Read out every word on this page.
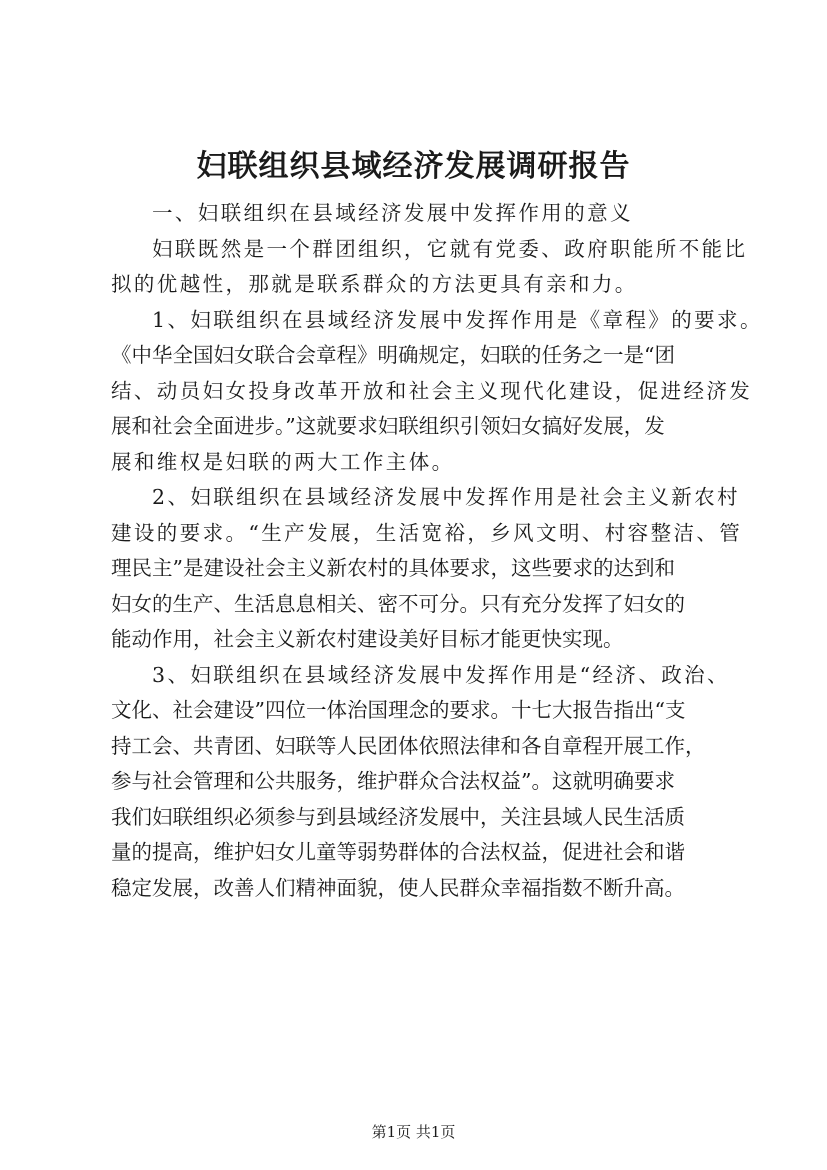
妇联组织县域经济发展调研报告
一、妇联组织在县域经济发展中发挥作用的意义
妇联既然是一个群团组织，它就有党委、政府职能所不能比
拟的优越性，那就是联系群众的方法更具有亲和力。
1、妇联组织在县域经济发展中发挥作用是《章程》的要求。
《中华全国妇女联合会章程》明确规定，妇联的任务之一是“团
结、动员妇女投身改革开放和社会主义现代化建设，促进经济发
展和社会全面进步。”这就要求妇联组织引领妇女搞好发展，发
展和维权是妇联的两大工作主体。
2、妇联组织在县域经济发展中发挥作用是社会主义新农村
建设的要求。“生产发展，生活宽裕，乡风文明、村容整洁、管
理民主”是建设社会主义新农村的具体要求，这些要求的达到和
妇女的生产、生活息息相关、密不可分。只有充分发挥了妇女的
能动作用，社会主义新农村建设美好目标才能更快实现。
3、妇联组织在县域经济发展中发挥作用是“经济、政治、
文化、社会建设”四位一体治国理念的要求。十七大报告指出“支
持工会、共青团、妇联等人民团体依照法律和各自章程开展工作，
参与社会管理和公共服务，维护群众合法权益”。这就明确要求
我们妇联组织必须参与到县域经济发展中，关注县域人民生活质
量的提高，维护妇女儿童等弱势群体的合法权益，促进社会和谐
稳定发展，改善人们精神面貌，使人民群众幸福指数不断升高。
第1页 共1页
